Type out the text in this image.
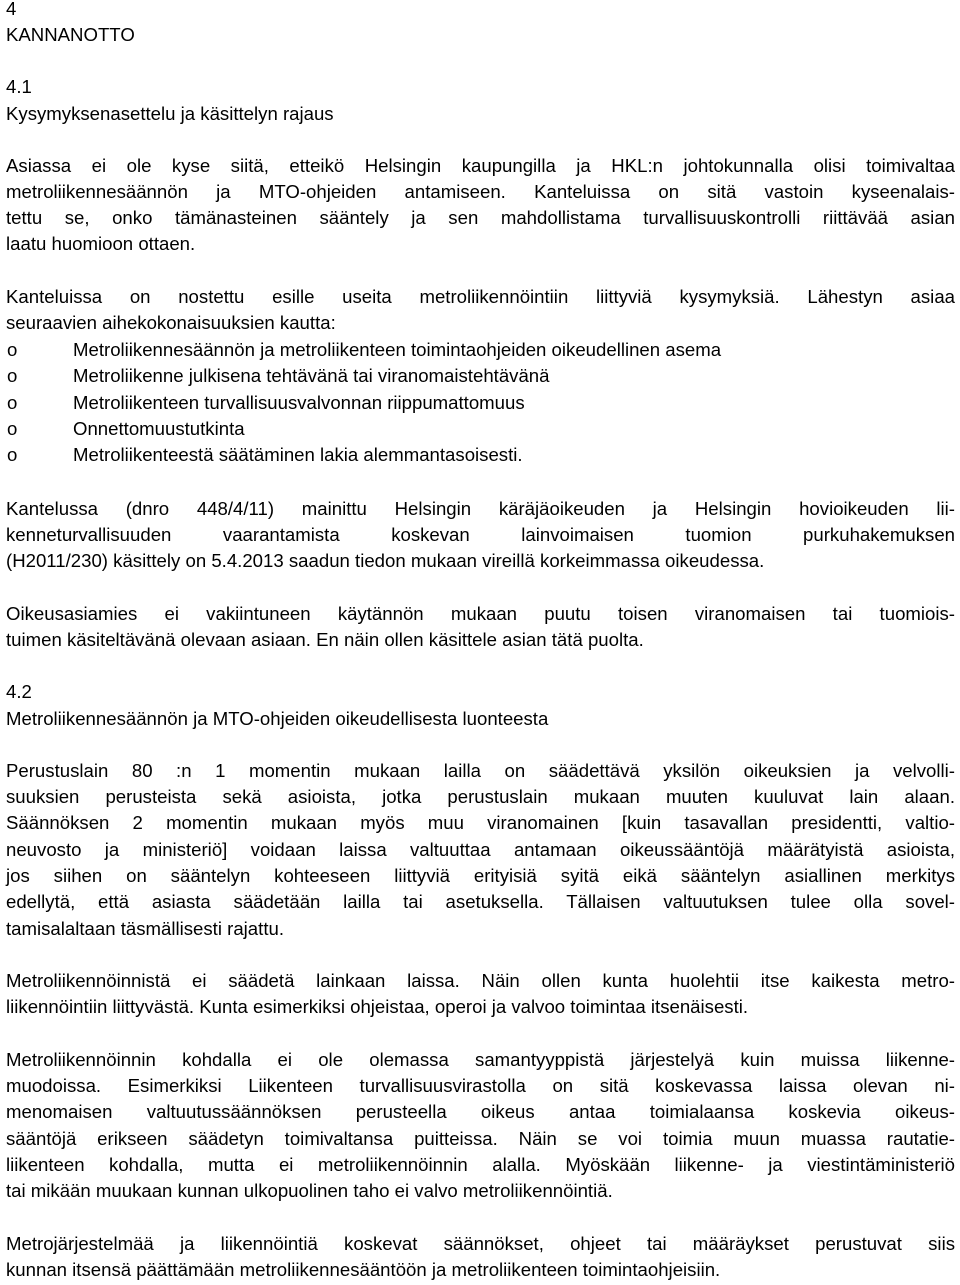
4
KANNANOTTO
4.1
Kysymyksenasettelu ja käsittelyn rajaus
Asiassa ei ole kyse siitä, etteikö Helsingin kaupungilla ja HKL:n johtokunnalla olisi toimivaltaa
metroliikennesäännön ja MTO-ohjeiden antamiseen. Kanteluissa on sitä vastoin kyseenalais-
tettu se, onko tämänasteinen sääntely ja sen mahdollistama turvallisuuskontrolli riittävää asian
laatu huomioon ottaen.
Kanteluissa on nostettu esille useita metroliikennöintiin liittyviä kysymyksiä. Lähestyn asiaa
seuraavien aihekokonaisuuksien kautta:
o	Metroliikennesäännön ja metroliikenteen toimintaohjeiden oikeudellinen asema
o	Metroliikenne julkisena tehtävänä tai viranomaistehtävänä
o	Metroliikenteen turvallisuusvalvonnan riippumattomuus
o	Onnettomuustutkinta
o	Metroliikenteestä säätäminen lakia alemmantasoisesti.
Kantelussa (dnro 448/4/11) mainittu Helsingin käräjäoikeuden ja Helsingin hovioikeuden lii-
kenneturvallisuuden vaarantamista koskevan lainvoimaisen tuomion purkuhakemuksen
(H2011/230) käsittely on 5.4.2013 saadun tiedon mukaan vireillä korkeimmassa oikeudessa.
Oikeusasiamies ei vakiintuneen käytännön mukaan puutu toisen viranomaisen tai tuomiois-
tuimen käsiteltävänä olevaan asiaan. En näin ollen käsittele asian tätä puolta.
4.2
Metroliikennesäännön ja MTO-ohjeiden oikeudellisesta luonteesta
Perustuslain 80 :n 1 momentin mukaan lailla on säädettävä yksilön oikeuksien ja velvolli-
suuksien perusteista sekä asioista, jotka perustuslain mukaan muuten kuuluvat lain alaan.
Säännöksen 2 momentin mukaan myös muu viranomainen [kuin tasavallan presidentti, valtio-
neuvosto ja ministeriö] voidaan laissa valtuuttaa antamaan oikeussääntöjä määrätyistä asioista,
jos siihen on sääntelyn kohteeseen liittyviä erityisiä syitä eikä sääntelyn asiallinen merkitys
edellytä, että asiasta säädetään lailla tai asetuksella. Tällaisen valtuutuksen tulee olla sovel-
tamisalaltaan täsmällisesti rajattu.
Metroliikennöinnistä ei säädetä lainkaan laissa. Näin ollen kunta huolehtii itse kaikesta metro-
liikennöintiin liittyvästä. Kunta esimerkiksi ohjeistaa, operoi ja valvoo toimintaa itsenäisesti.
Metroliikennöinnin kohdalla ei ole olemassa samantyyppistä järjestelyä kuin muissa liikenne-
muodoissa. Esimerkiksi Liikenteen turvallisuusvirastolla on sitä koskevassa laissa olevan ni-
menomaisen valtuutussäännöksen perusteella oikeus antaa toimialaansa koskevia oikeus-
sääntöjä erikseen säädetyn toimivaltansa puitteissa. Näin se voi toimia muun muassa rautatie-
liikenteen kohdalla, mutta ei metroliikennöinnin alalla. Myöskään liikenne- ja viestintäministeriö
tai mikään muukaan kunnan ulkopuolinen taho ei valvo metroliikennöintiä.
Metrojärjestelmää ja liikennöintiä koskevat säännökset, ohjeet tai määräykset perustuvat siis
kunnan itsensä päättämään metroliikennesääntöön ja metroliikenteen toimintaohjeisiin.
